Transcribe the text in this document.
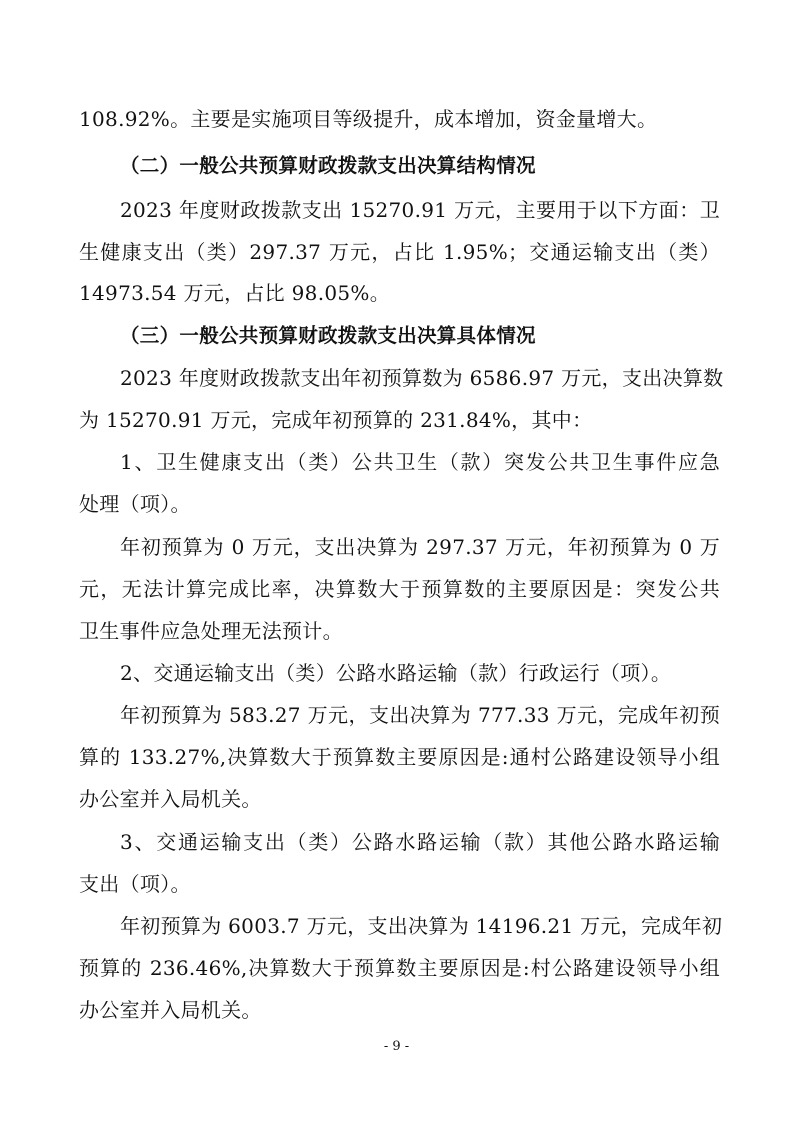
108.92%。主要是实施项目等级提升，成本增加，资金量增大。
（二）一般公共预算财政拨款支出决算结构情况
2023 年度财政拨款支出 15270.91 万元，主要用于以下方面：卫
生健康支出（类）297.37 万元，占比 1.95%；交通运输支出（类）
14973.54 万元，占比 98.05%。
（三）一般公共预算财政拨款支出决算具体情况
2023 年度财政拨款支出年初预算数为 6586.97 万元，支出决算数
为 15270.91 万元，完成年初预算的 231.84%，其中：
1、卫生健康支出（类）公共卫生（款）突发公共卫生事件应急
处理（项）。
年初预算为 0 万元，支出决算为 297.37 万元，年初预算为 0 万
元，无法计算完成比率，决算数大于预算数的主要原因是：突发公共
卫生事件应急处理无法预计。
2、交通运输支出（类）公路水路运输（款）行政运行（项）。
年初预算为 583.27 万元，支出决算为 777.33 万元，完成年初预
算的 133.27%,决算数大于预算数主要原因是:通村公路建设领导小组
办公室并入局机关。
3、交通运输支出（类）公路水路运输（款）其他公路水路运输
支出（项）。
年初预算为 6003.7 万元，支出决算为 14196.21 万元，完成年初
预算的 236.46%,决算数大于预算数主要原因是:村公路建设领导小组
办公室并入局机关。
- 9 -
